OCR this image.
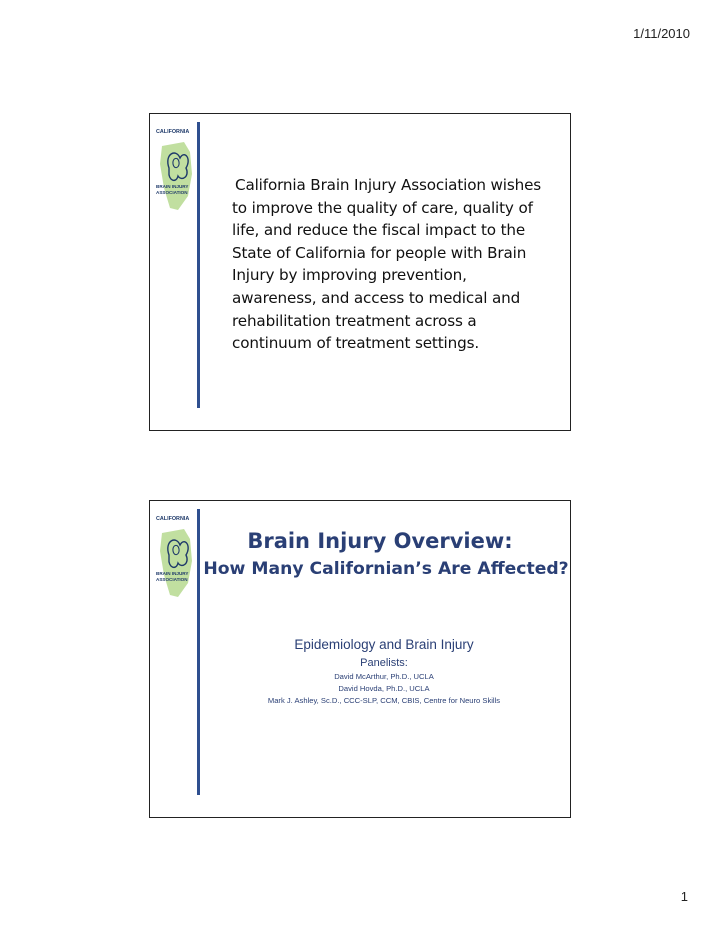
1/11/2010
CALIFORNIA
BRAIN INJURY
ASSOCIATION	California Brain Injury Association wishes
to improve the quality of care, quality of
life, and reduce the fiscal impact to the
State of California for people with Brain
Injury by improving prevention,
awareness, and access to medical and
rehabilitation treatment across a
continuum of treatment settings.
CALIFORNIA
BRAIN INJURY
ASSOCIATION
Brain Injury Overview:
How Many Californian’s Are Affected?
Epidemiology and Brain Injury
Panelists:
David McArthur, Ph.D., UCLA
David Hovda, Ph.D., UCLA
Mark J. Ashley, Sc.D., CCC-SLP, CCM, CBIS, Centre for Neuro Skills
1
